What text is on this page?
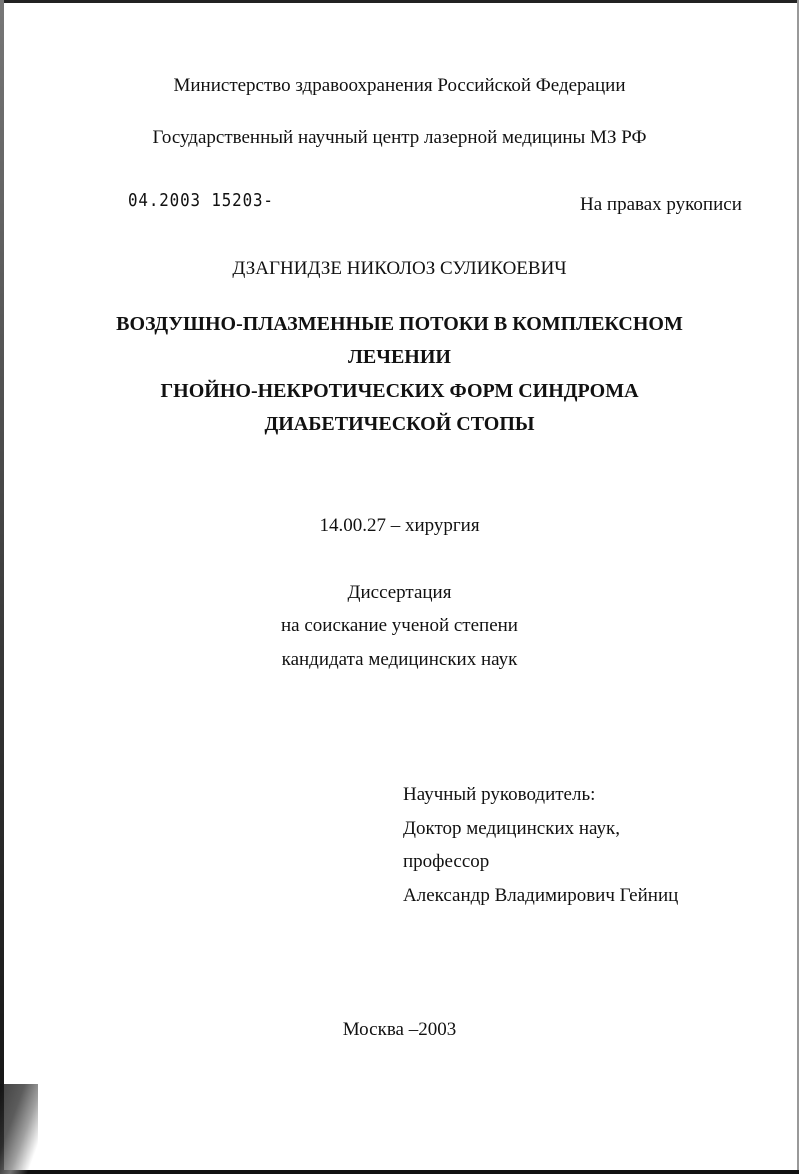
Министерство здравоохранения Российской Федерации
Государственный научный центр лазерной медицины МЗ РФ
04.2003 15203-	На правах рукописи
ДЗАГНИДЗЕ НИКОЛОЗ СУЛИКОЕВИЧ
ВОЗДУШНО-ПЛАЗМЕННЫЕ ПОТОКИ В КОМПЛЕКСНОМ
ЛЕЧЕНИИ
ГНОЙНО-НЕКРОТИЧЕСКИХ ФОРМ СИНДРОМА
ДИАБЕТИЧЕСКОЙ СТОПЫ
14.00.27 – хирургия
Диссертация
на соискание ученой степени
кандидата медицинских наук
Научный руководитель:
Доктор медицинских наук,
профессор
Александр Владимирович Гейниц
Москва –2003
